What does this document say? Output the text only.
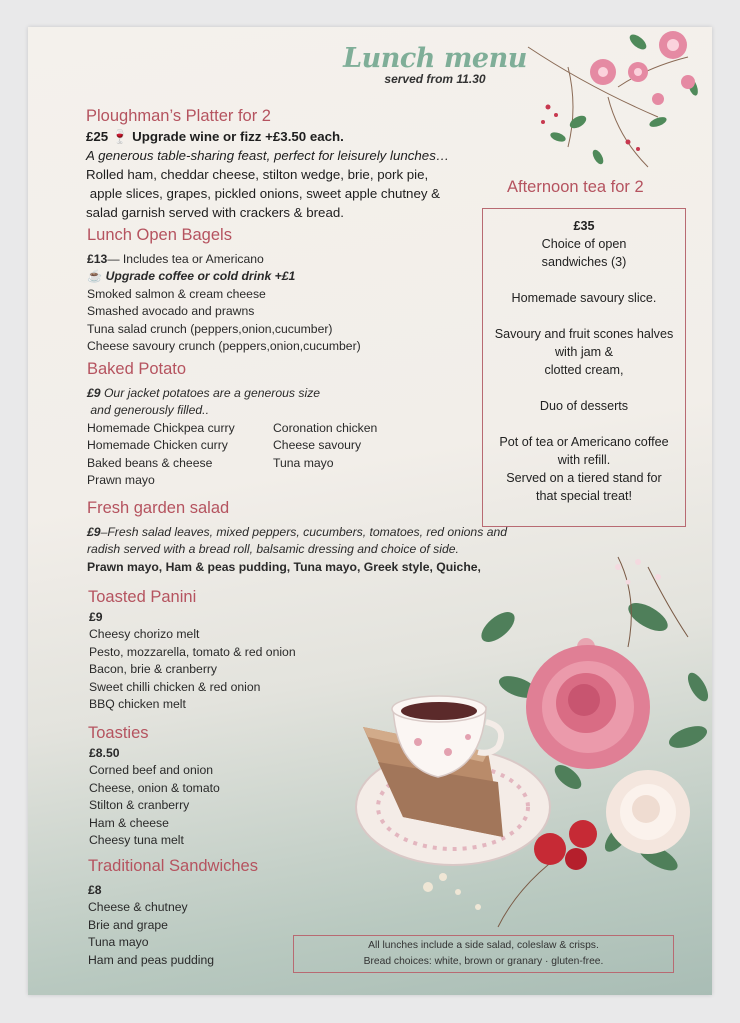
Lunch menu
served from 11.30
Ploughman’s Platter for 2
£25 🍷 Upgrade wine or fizz +£3.50 each.
A generous table-sharing feast, perfect for leisurely lunches…
Rolled ham, cheddar cheese, stilton wedge, brie, pork pie,
apple slices, grapes, pickled onions, sweet apple chutney &
salad garnish served with crackers & bread.
Lunch Open Bagels
£13— Includes tea or Americano
☕ Upgrade coffee or cold drink +£1
Smoked salmon & cream cheese
Smashed avocado and prawns
Tuna salad crunch (peppers,onion,cucumber)
Cheese savoury crunch (peppers,onion,cucumber)
Baked Potato
£9 Our jacket potatoes are a generous size
and generously filled..
Homemade Chickpea curry
Homemade Chicken curry
Baked beans & cheese
Prawn mayo
Coronation chicken
Cheese savoury
Tuna mayo
Fresh garden salad
£9–Fresh salad leaves, mixed peppers, cucumbers, tomatoes, red onions and
radish served with a bread roll, balsamic dressing and choice of side.
Prawn mayo, Ham & peas pudding, Tuna mayo, Greek style, Quiche,
Toasted Panini
£9
Cheesy chorizo melt
Pesto, mozzarella, tomato & red onion
Bacon, brie & cranberry
Sweet chilli chicken & red onion
BBQ chicken melt
Toasties
£8.50
Corned beef and onion
Cheese, onion & tomato
Stilton & cranberry
Ham & cheese
Cheesy tuna melt
Traditional Sandwiches
£8
Cheese & chutney
Brie and grape
Tuna mayo
Ham and peas pudding
Afternoon tea for 2
£35
Choice of open
sandwiches (3)
Homemade savoury slice.
Savoury and fruit scones halves
with jam &
clotted cream,
Duo of desserts
Pot of tea or Americano coffee
with refill.
Served on a tiered stand for
that special treat!
All lunches include a side salad, coleslaw & crisps.
Bread choices: white, brown or granary · gluten-free.
